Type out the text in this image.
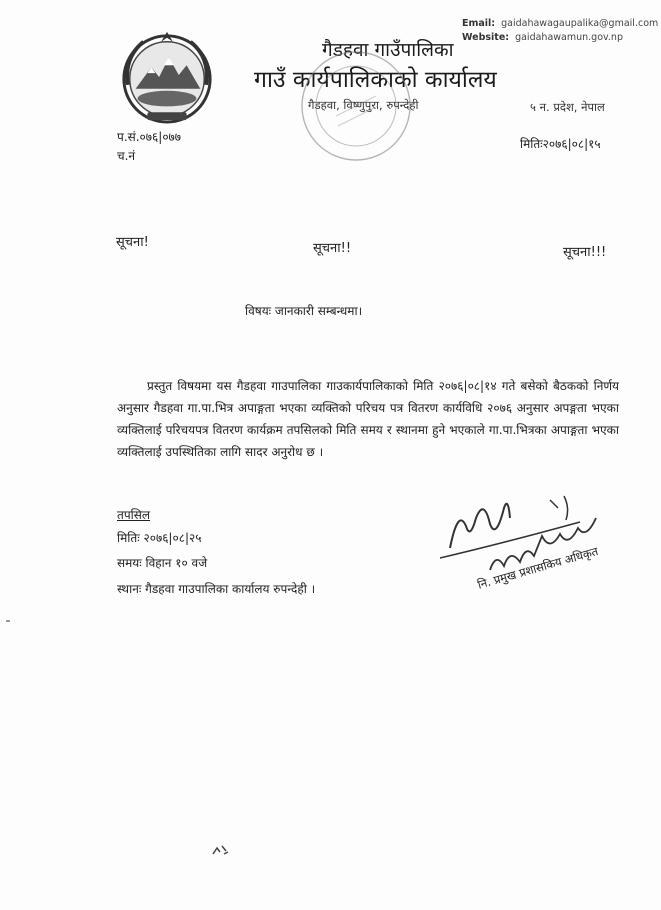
Email: gaidahawagaupalika@gmail.com
Website: gaidahawamun.gov.np
गैडहवा गाउँपालिका
गाउँ कार्यपालिकाको कार्यालय
गैडहवा, विष्णुपुरा, रुपन्देही	५ न. प्रदेश, नेपाल
प.सं.०७६|०७७
च.नं
मितिः२०७६|०८|१५
सूचना!	सूचना!!	सूचना!!!
विषयः जानकारी सम्बन्धमा।
प्रस्तुत विषयमा यस गैडहवा गाउपालिका गाउकार्यपालिकाको मिति २०७६|०८|१४ गते बसेको बैठकको निर्णय अनुसार गैडहवा गा.पा.भित्र अपाङ्गता भएका व्यक्तिको परिचय पत्र वितरण कार्यविधि २०७६ अनुसार अपङ्गता भएका व्यक्तिलाई परिचयपत्र वितरण कार्यक्रम तपसिलको मिति समय र स्थानमा हुने भएकाले गा.पा.भित्रका अपाङ्गता भएका व्यक्तिलाई उपस्थितिका लागि सादर अनुरोध छ ।
तपसिल
मितिः २०७६|०८|२५
समयः विहान १० वजे
स्थानः गैडहवा गाउपालिका कार्यालय रुपन्देही ।	नि. प्रमुख प्रशासकिय अधिकृत
